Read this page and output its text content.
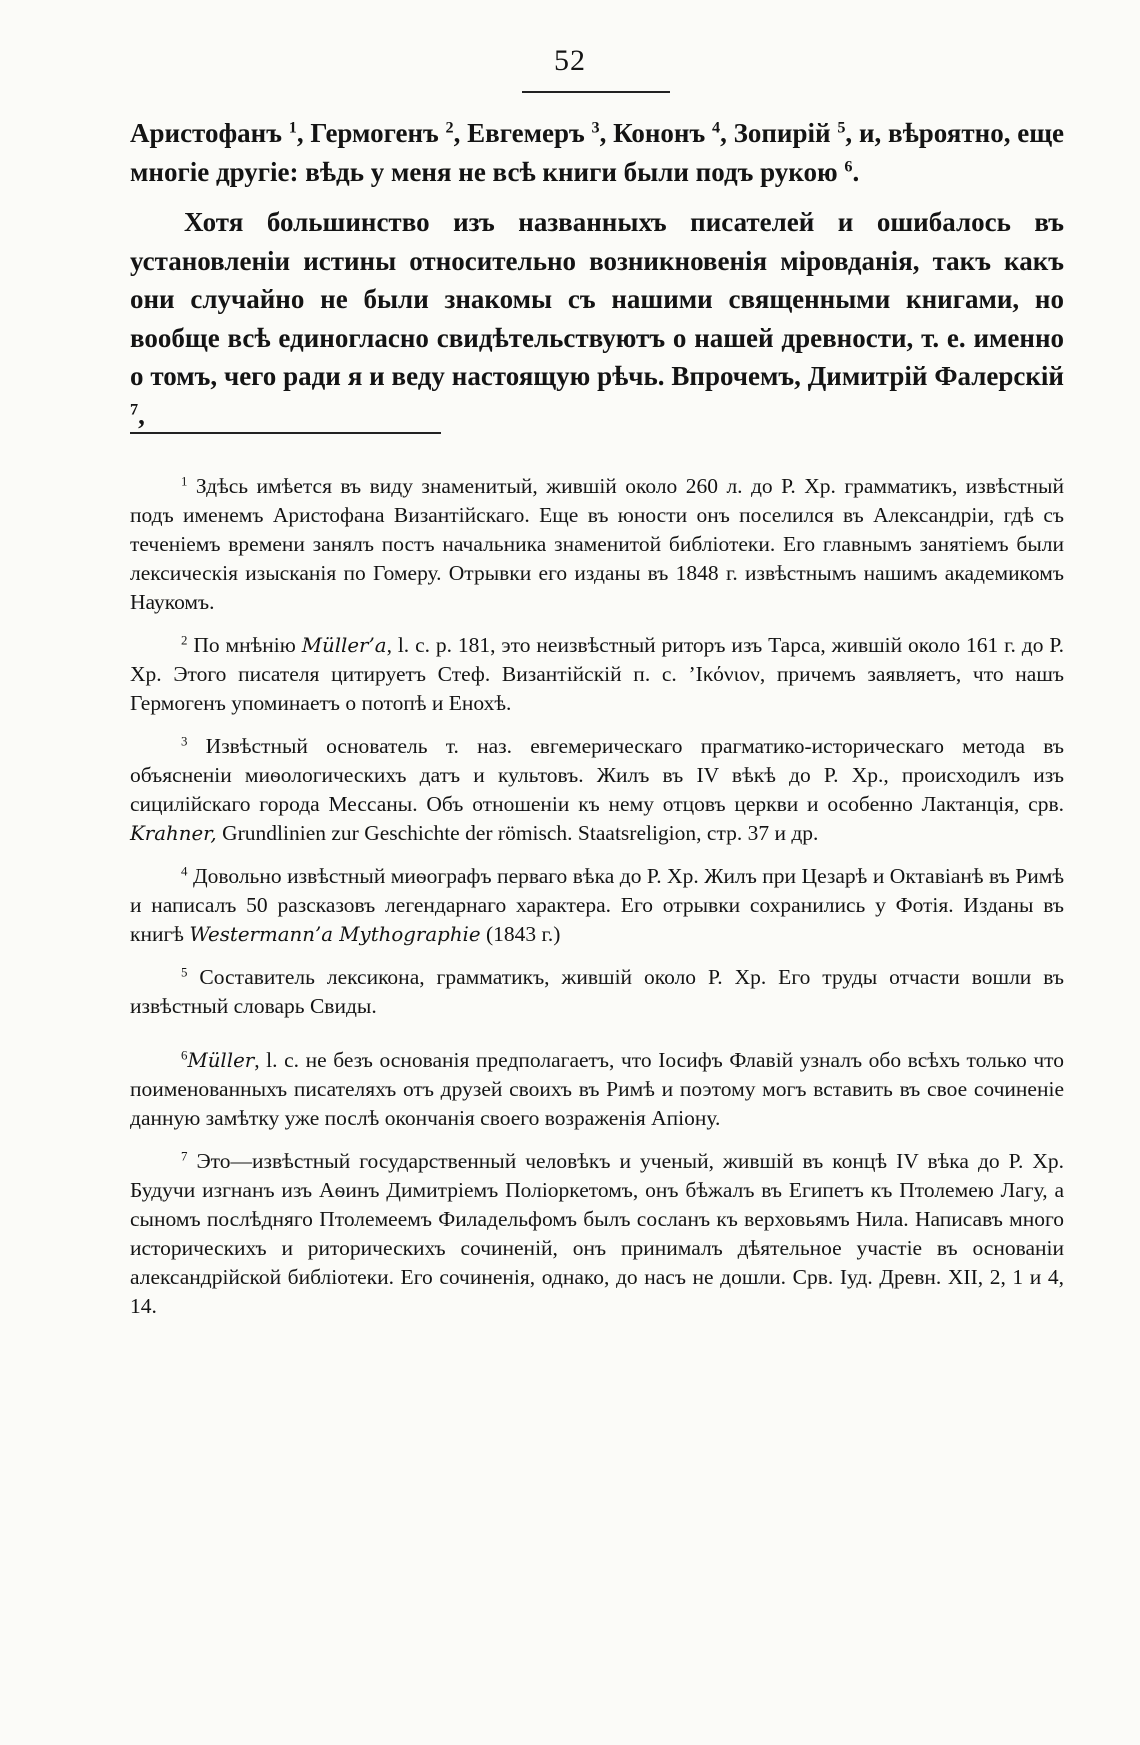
52

Аристофанъ $^1$, Гермогенъ $^2$, Евгемеръ $^3$, Кононъ $^4$, Зопирій $^5$, и, вѣроятно, еще многіе другіе: вѣдь у меня не всѣ книги были подъ рукою $^6$.

Хотя большинство изъ названныхъ писателей и ошибалось въ установленіи истины относительно возникновенія міровданія, такъ какъ они случайно не были знакомы съ нашими священными книгами, но вообще всѣ единогласно свидѣтельствуютъ о нашей древности, т. е. именно о томъ, чего ради я и веду настоящую рѣчь. Впрочемъ, Димитрій Фалерскій $^7$,

$^1$ Здѣсь имѣется въ виду знаменитый, жившій около 260 л. до Р. Хр. грамматикъ, извѣстный подъ именемъ Аристофана Византійскаго. Еще въ юности онъ поселился въ Александріи, гдѣ съ теченіемъ времени занялъ постъ начальника знаменитой библіотеки. Его главнымъ занятіемъ были лексическія изысканія по Гомеру. Отрывки его изданы въ 1848 г. извѣстнымъ нашимъ академикомъ Наукомъ.

$^2$ По мнѣнію Müller’a, l. c. p. 181, это неизвѣстный риторъ изъ Тарса, жившій около 161 г. до Р. Хр. Этого писателя цитируетъ Стеф. Византійскій п. с. ’Ικόνιον, причемъ заявляетъ, что нашъ Гермогенъ упоминаетъ о потопѣ и Енохѣ.

$^3$ Извѣстный основатель т. наз. евгемерическаго прагматико-историческаго метода въ объясненіи миѳологическихъ датъ и культовъ. Жилъ въ IV вѣкѣ до Р. Хр., происходилъ изъ сицилійскаго города Мессаны. Объ отношеніи къ нему отцовъ церкви и особенно Лактанція, срв. Krahner, Grundlinien zur Geschichte der römisch. Staatsreligion, стр. 37 и др.

$^4$ Довольно извѣстный миѳографъ перваго вѣка до Р. Хр. Жилъ при Цезарѣ и Октавіанѣ въ Римѣ и написалъ 50 разсказовъ легендарнаго характера. Его отрывки сохранились у Фотія. Изданы въ книгѣ Westermann’a Mythographie (1843 г.)

$^5$ Составитель лексикона, грамматикъ, жившій около Р. Хр. Его труды отчасти вошли въ извѣстный словарь Свиды.

$^6$Müller, l. c. не безъ основанія предполагаетъ, что Іосифъ Флавій узналъ обо всѣхъ только что поименованныхъ писателяхъ отъ друзей своихъ въ Римѣ и поэтому могъ вставить въ свое сочиненіе данную замѣтку уже послѣ окончанія своего возраженія Апіону.

$^7$ Это—извѣстный государственный человѣкъ и ученый, жившій въ концѣ IV вѣка до Р. Хр. Будучи изгнанъ изъ Аѳинъ Димитріемъ Поліоркетомъ, онъ бѣжалъ въ Египетъ къ Птолемею Лагу, а сыномъ послѣдняго Птолемеемъ Филадельфомъ былъ сосланъ къ верховьямъ Нила. Написавъ много историческихъ и риторическихъ сочиненій, онъ принималъ дѣятельное участіе въ основаніи александрійской библіотеки. Его сочиненія, однако, до насъ не дошли. Срв. Іуд. Древн. XII, 2, 1 и 4, 14.
